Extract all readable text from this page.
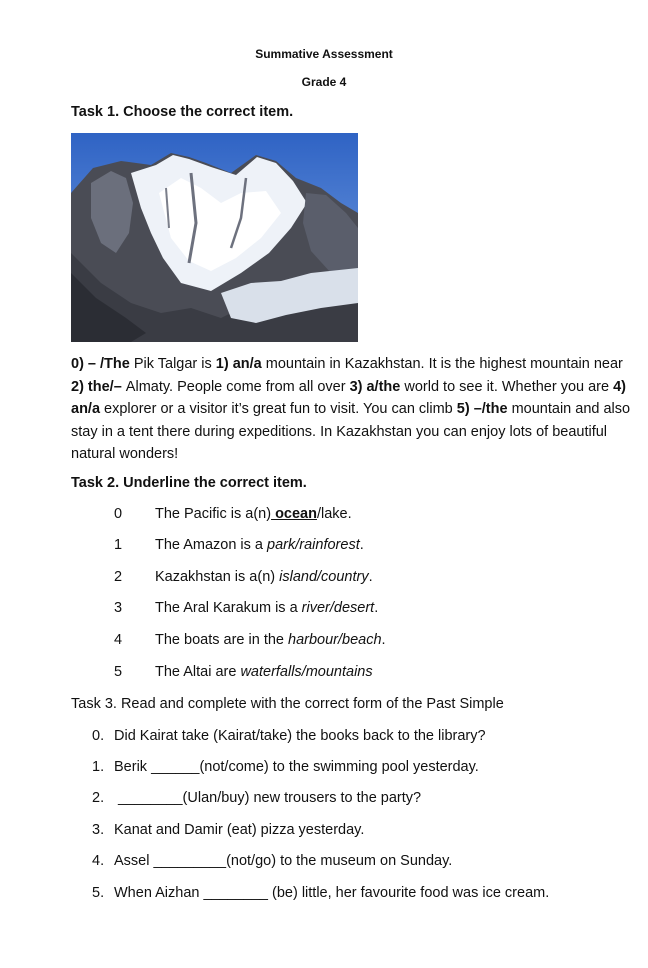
Summative Assessment
Grade 4
Task 1. Choose the correct item.
0) – /The Pik Talgar is 1) an/a mountain in Kazakhstan. It is the highest mountain near 2) the/– Almaty. People come from all over 3) a/the world to see it. Whether you are 4) an/a explorer or a visitor it’s great fun to visit. You can climb 5) –/the mountain and also stay in a tent there during expeditions. In Kazakhstan you can enjoy lots of beautiful natural wonders!
Task 2. Underline the correct item.
0 The Pacific is a(n) ocean/lake.
1 The Amazon is a park/rainforest.
2 Kazakhstan is a(n) island/country.
3 The Aral Karakum is a river/desert.
4 The boats are in the harbour/beach.
5 The Altai are waterfalls/mountains
Task 3. Read and complete with the correct form of the Past Simple
0. Did Kairat take (Kairat/take) the books back to the library?
1. Berik ______(not/come) to the swimming pool yesterday.
2. ________(Ulan/buy) new trousers to the party?
3. Kanat and Damir (eat) pizza yesterday.
4. Assel _________(not/go) to the museum on Sunday.
5. When Aizhan ________ (be) little, her favourite food was ice cream.
